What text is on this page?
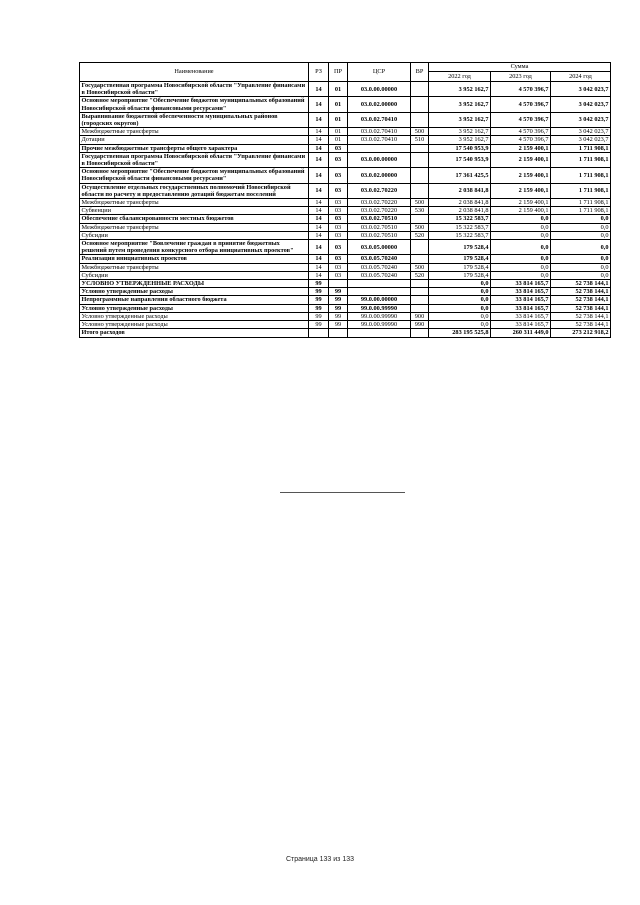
Наименование	РЗ	ПР	ЦСР	ВР	Сумма		
					2022 год	2023 год	2024 год
Государственная программа Новосибирской области "Управление финансами в Новосибирской области"	14	01	03.0.00.00000		3 952 162,7	4 570 396,7	3 042 023,7
Основное мероприятие "Обеспечение бюджетов муниципальных образований Новосибирской области финансовыми ресурсами"	14	01	03.0.02.00000		3 952 162,7	4 570 396,7	3 042 023,7
Выравнивание бюджетной обеспеченности муниципальных районов (городских округов)	14	01	03.0.02.70410		3 952 162,7	4 570 396,7	3 042 023,7
Межбюджетные трансферты	14	01	03.0.02.70410	500	3 952 162,7	4 570 396,7	3 042 023,7
Дотации	14	01	03.0.02.70410	510	3 952 162,7	4 570 396,7	3 042 023,7
Прочие межбюджетные трансферты общего характера	14	03			17 540 953,9	2 159 400,1	1 711 908,1
Государственная программа Новосибирской области "Управление финансами в Новосибирской области"	14	03	03.0.00.00000		17 540 953,9	2 159 400,1	1 711 908,1
Основное мероприятие "Обеспечение бюджетов муниципальных образований Новосибирской области финансовыми ресурсами"	14	03	03.0.02.00000		17 361 425,5	2 159 400,1	1 711 908,1
Осуществление отдельных государственных полномочий Новосибирской области по расчету и предоставлению дотаций бюджетам поселений	14	03	03.0.02.70220		2 038 841,8	2 159 400,1	1 711 908,1
Межбюджетные трансферты	14	03	03.0.02.70220	500	2 038 841,8	2 159 400,1	1 711 908,1
Субвенции	14	03	03.0.02.70220	530	2 038 841,8	2 159 400,1	1 711 908,1
Обеспечение сбалансированности местных бюджетов	14	03	03.0.02.70510		15 322 583,7	0,0	0,0
Межбюджетные трансферты	14	03	03.0.02.70510	500	15 322 583,7	0,0	0,0
Субсидии	14	03	03.0.02.70510	520	15 322 583,7	0,0	0,0
Основное мероприятие "Вовлечение граждан в принятие бюджетных решений путем проведения конкурсного отбора инициативных проектов"	14	03	03.0.05.00000		179 528,4	0,0	0,0
Реализация инициативных проектов	14	03	03.0.05.70240		179 528,4	0,0	0,0
Межбюджетные трансферты	14	03	03.0.05.70240	500	179 528,4	0,0	0,0
Субсидии	14	03	03.0.05.70240	520	179 528,4	0,0	0,0
УСЛОВНО УТВЕРЖДЕННЫЕ РАСХОДЫ	99				0,0	33 814 165,7	52 738 144,1
Условно утвержденные расходы	99	99			0,0	33 814 165,7	52 738 144,1
Непрограммные направления областного бюджета	99	99	99.0.00.00000		0,0	33 814 165,7	52 738 144,1
Условно утвержденные расходы	99	99	99.0.00.99990		0,0	33 814 165,7	52 738 144,1
Условно утвержденные расходы	99	99	99.0.00.99990	900	0,0	33 814 165,7	52 738 144,1
Условно утвержденные расходы	99	99	99.0.00.99990	990	0,0	33 814 165,7	52 738 144,1
Итого расходов					283 195 525,8	260 311 449,0	273 212 918,2
Страница 133 из 133
